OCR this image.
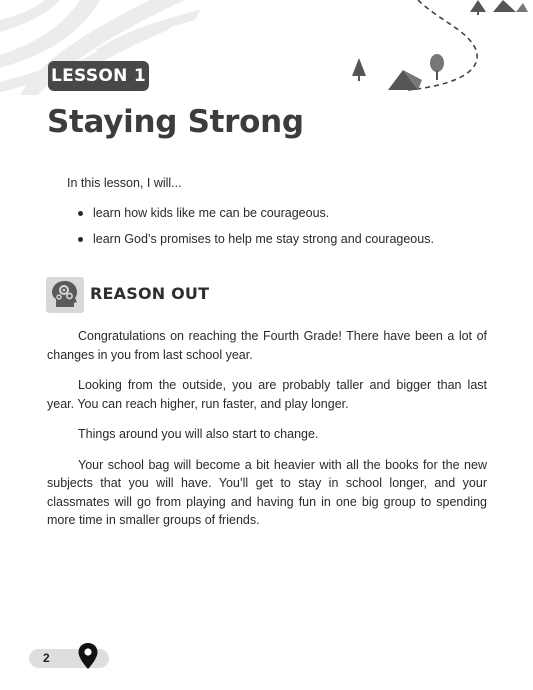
LESSON 1
Staying Strong
In this lesson, I will...
learn how kids like me can be courageous.
learn God’s promises to help me stay strong and courageous.
REASON OUT

Congratulations on reaching the Fourth Grade! There have been a lot of changes in you from last school year.

Looking from the outside, you are probably taller and bigger than last year. You can reach higher, run faster, and play longer.

Things around you will also start to change.

Your school bag will become a bit heavier with all the books for the new subjects that you will have. You’ll get to stay in school longer, and your classmates will go from playing and having fun in one big group to spending more time in smaller groups of friends.

2
